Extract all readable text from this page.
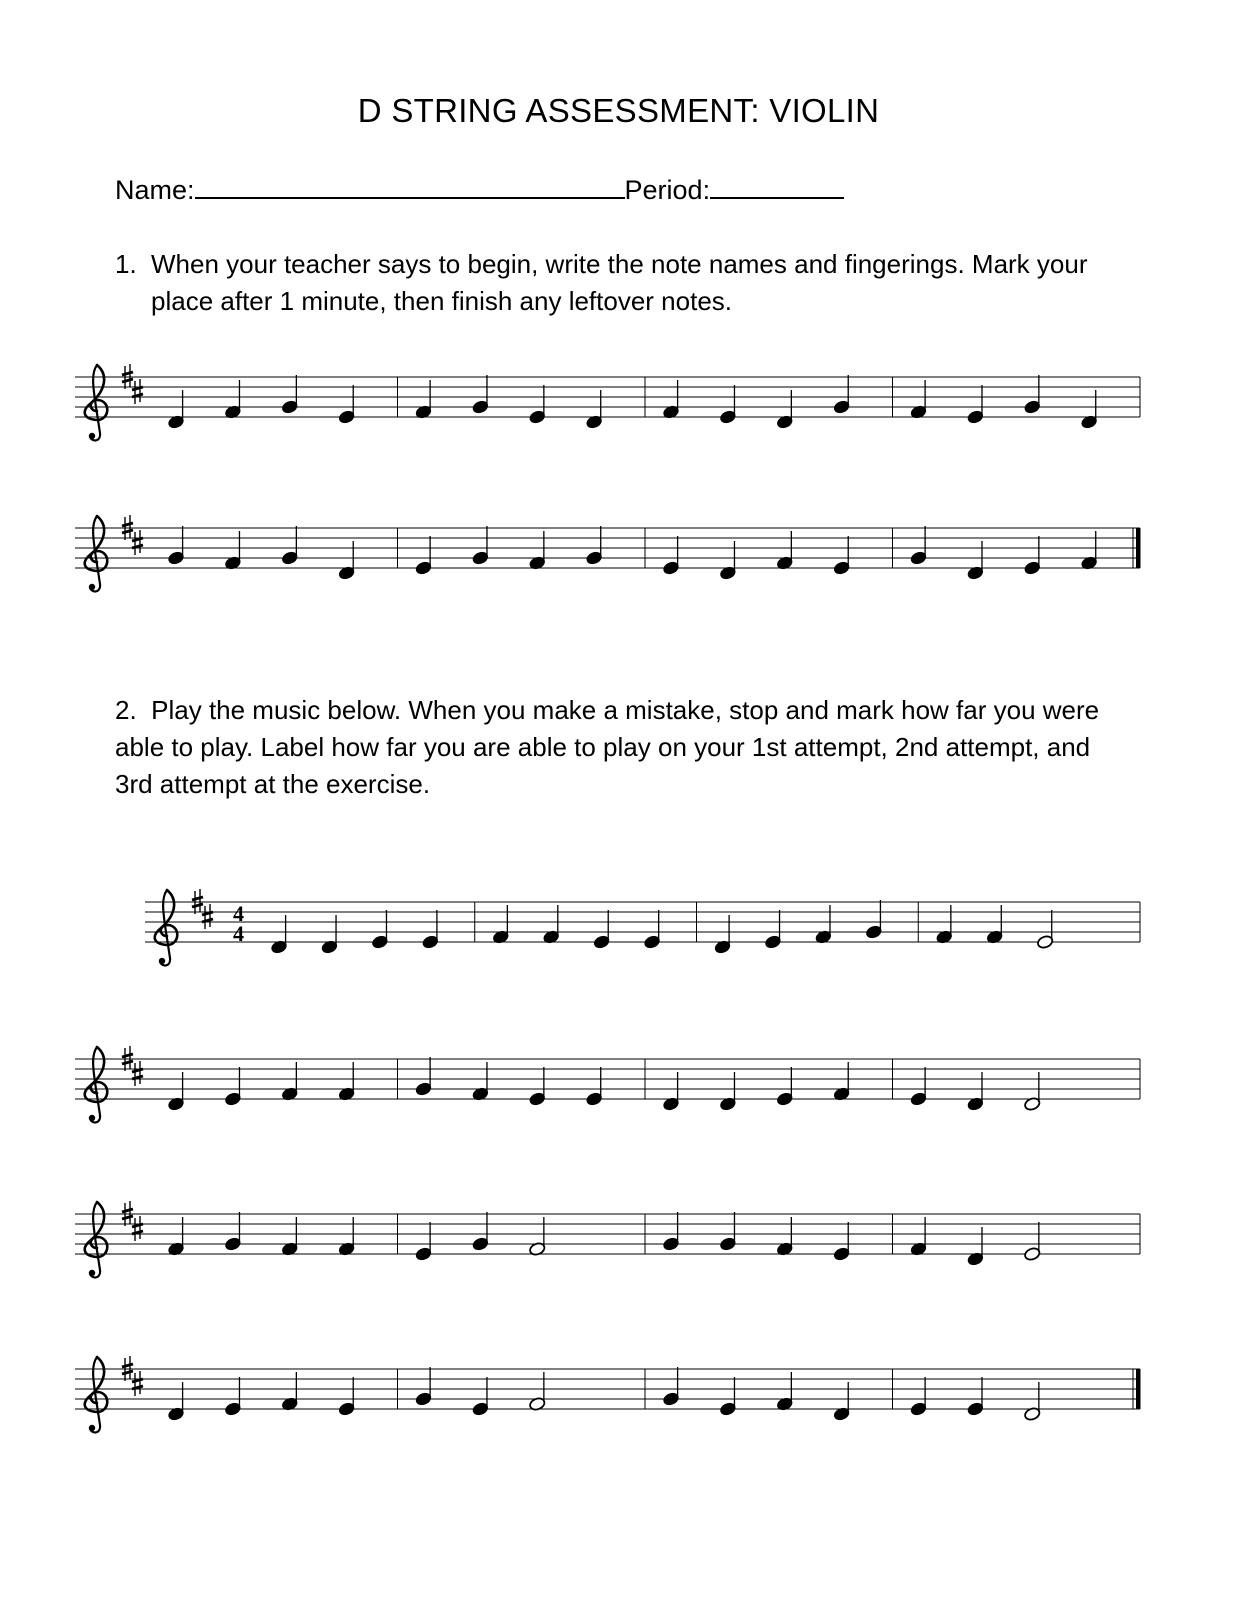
D STRING ASSESSMENT: VIOLIN
Name:	Period:
1. When your teacher says to begin, write the note names and fingerings. Mark your place after 1 minute, then finish any leftover notes.
2. Play the music below. When you make a mistake, stop and mark how far you were able to play. Label how far you are able to play on your 1st attempt, 2nd attempt, and 3rd attempt at the exercise.
4
4
